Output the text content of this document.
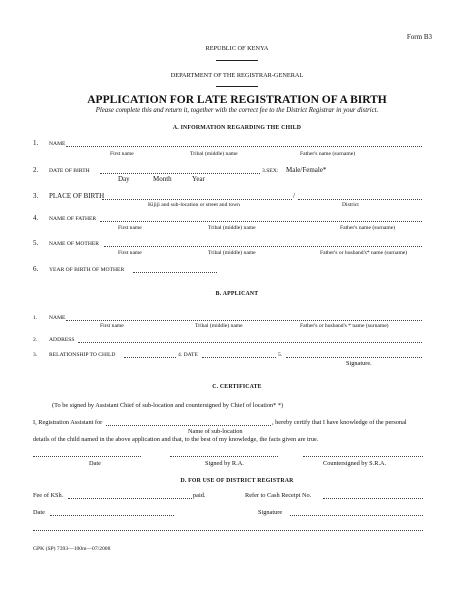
Form B3
REPUBLIC OF KENYA
DEPARTMENT OF THE REGISTRAR-GENERAL
APPLICATION FOR LATE REGISTRATION OF A BIRTH
Please complete this and return it, together with the correct fee to the District Registrar in your district.
A. INFORMATION REGARDING THE CHILD
1. NAME
First name	Tribal (middle) name	Father's name (surname)
2. DATE OF BIRTH	3.SEX: Male/Female*
Day	Month	Year
3. PLACE OF BIRTH	/
Kijiji and sub-location or street and town	District
4. NAME OF FATHER
First name	Tribal (middle) name	Father's name (surname)
5. NAME OF MOTHER
First name	Tribal (middle) name	Father's or husband's* name (surname)
6. YEAR OF BIRTH OF MOTHER
B. APPLICANT
1. NAME
First name	Tribal (middle) name	Father's or husband's * name (surname)
2. ADDRESS
3. RELATIONSHIP TO CHILD	4. DATE	5.
Signature.
C. CERTIFICATE
(To be signed by Assistant Chief of sub-location and countersigned by Chief of location* *)
I, Registration Assistant for	, hereby certify that I have knowledge of the personal
Name of sub-location
details of the child named in the above application and that, to the best of my knowledge, the facts given are true.
Date	Signed by R.A.	Countersigned by S.R.A.
D. FOR USE OF DISTRICT REGISTRAR
Fee of KSh.	paid.	Refer to Cash Receipt No.
Date	Signature
GPK (SP) 7393—100m—07/2008
